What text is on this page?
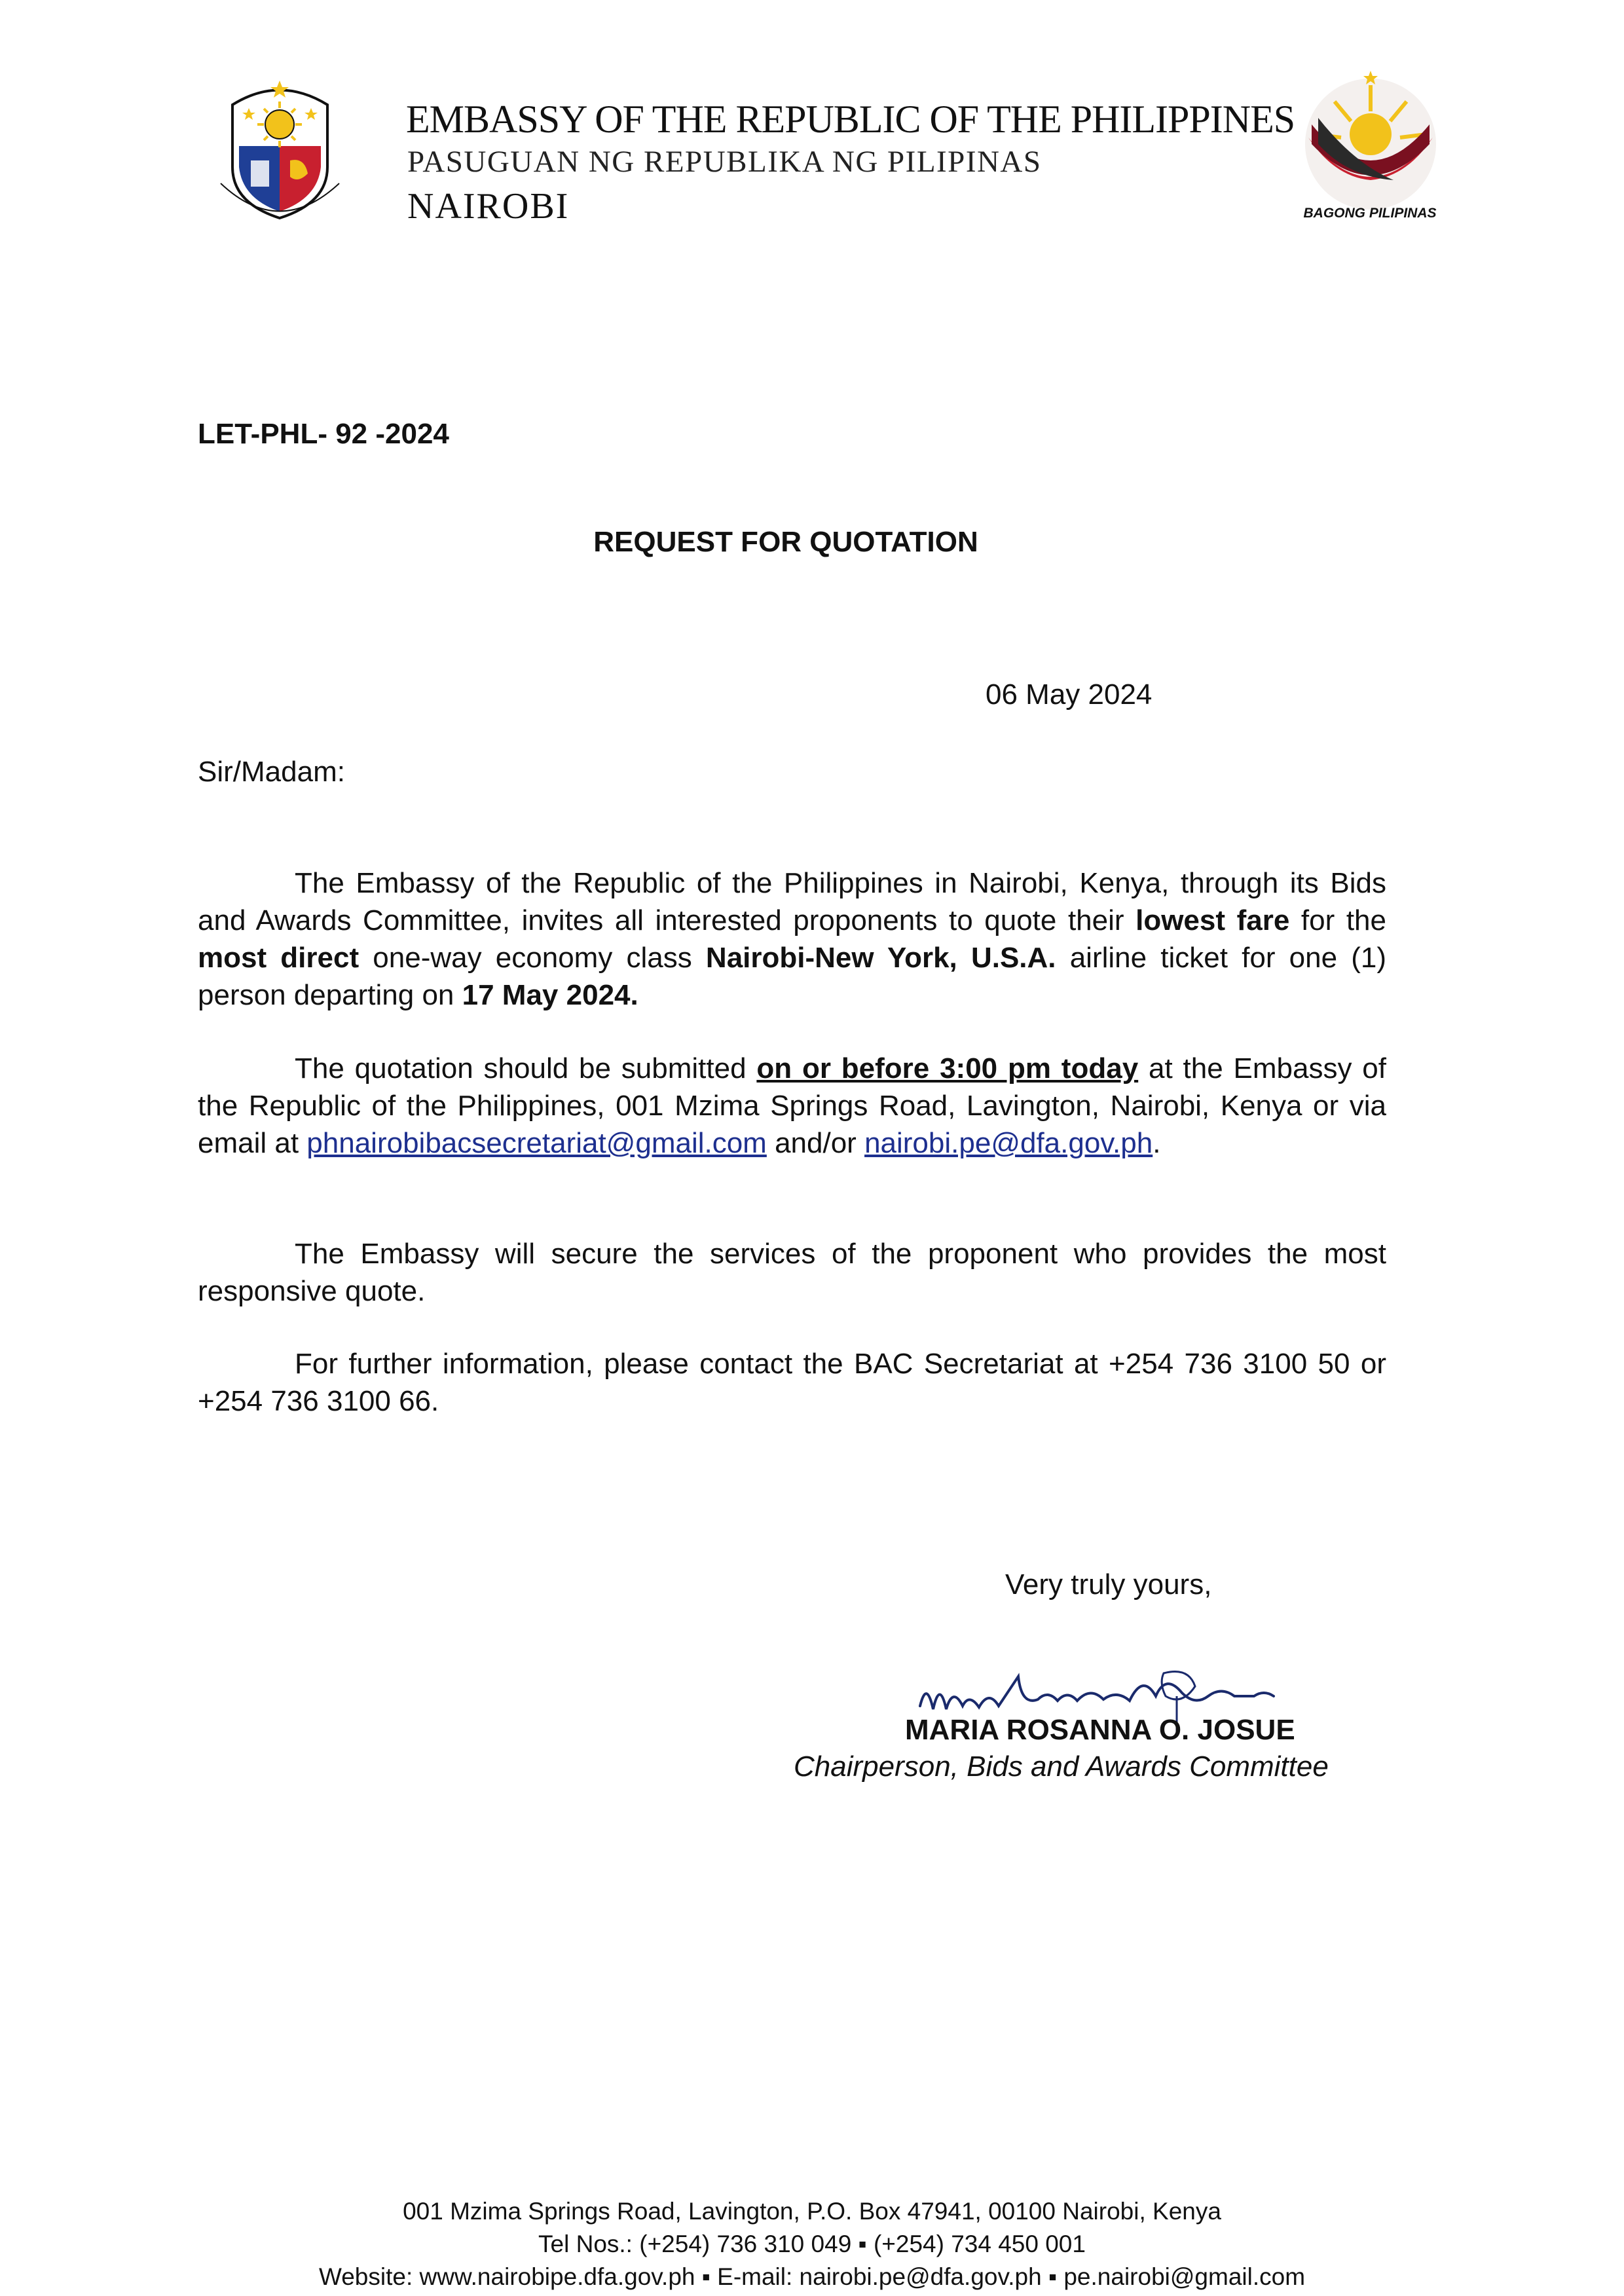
EMBASSY OF THE REPUBLIC OF THE PHILIPPINES
PASUGUAN NG REPUBLIKA NG PILIPINAS
NAIROBI	BAGONG PILIPINAS
LET-PHL- 92 -2024
REQUEST FOR QUOTATION
06 May 2024
Sir/Madam:
The Embassy of the Republic of the Philippines in Nairobi, Kenya, through its Bids and Awards Committee, invites all interested proponents to quote their lowest fare for the most direct one-way economy class Nairobi-New York, U.S.A. airline ticket for one (1) person departing on 17 May 2024.
The quotation should be submitted on or before 3:00 pm today at the Embassy of the Republic of the Philippines, 001 Mzima Springs Road, Lavington, Nairobi, Kenya or via email at phnairobibacsecretariat@gmail.com and/or nairobi.pe@dfa.gov.ph.
The Embassy will secure the services of the proponent who provides the most responsive quote.
For further information, please contact the BAC Secretariat at +254 736 3100 50 or +254 736 3100 66.
Very truly yours,
MARIA ROSANNA O. JOSUE
Chairperson, Bids and Awards Committee
001 Mzima Springs Road, Lavington, P.O. Box 47941, 00100 Nairobi, Kenya
Tel Nos.: (+254) 736 310 049 ▪ (+254) 734 450 001
Website: www.nairobipe.dfa.gov.ph ▪ E-mail: nairobi.pe@dfa.gov.ph ▪ pe.nairobi@gmail.com
